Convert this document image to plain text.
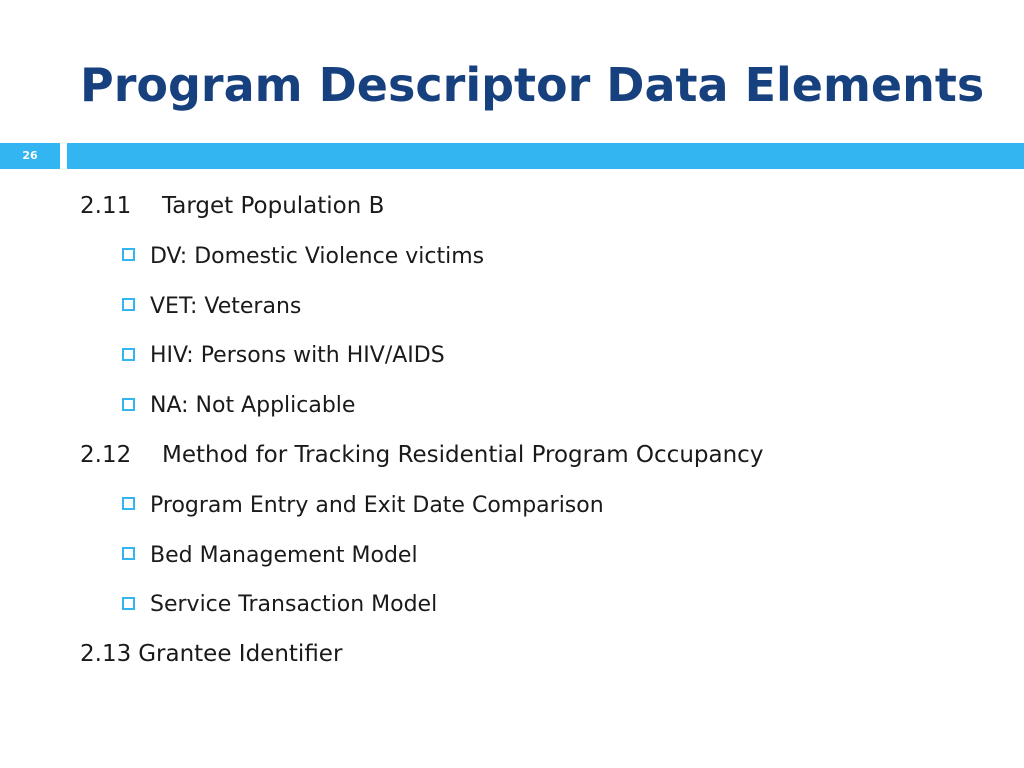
Program Descriptor Data Elements
26
2.11 Target Population B
DV: Domestic Violence victims
VET: Veterans
HIV: Persons with HIV/AIDS
NA: Not Applicable
2.12 Method for Tracking Residential Program Occupancy
Program Entry and Exit Date Comparison
Bed Management Model
Service Transaction Model
2.13 Grantee Identifier
